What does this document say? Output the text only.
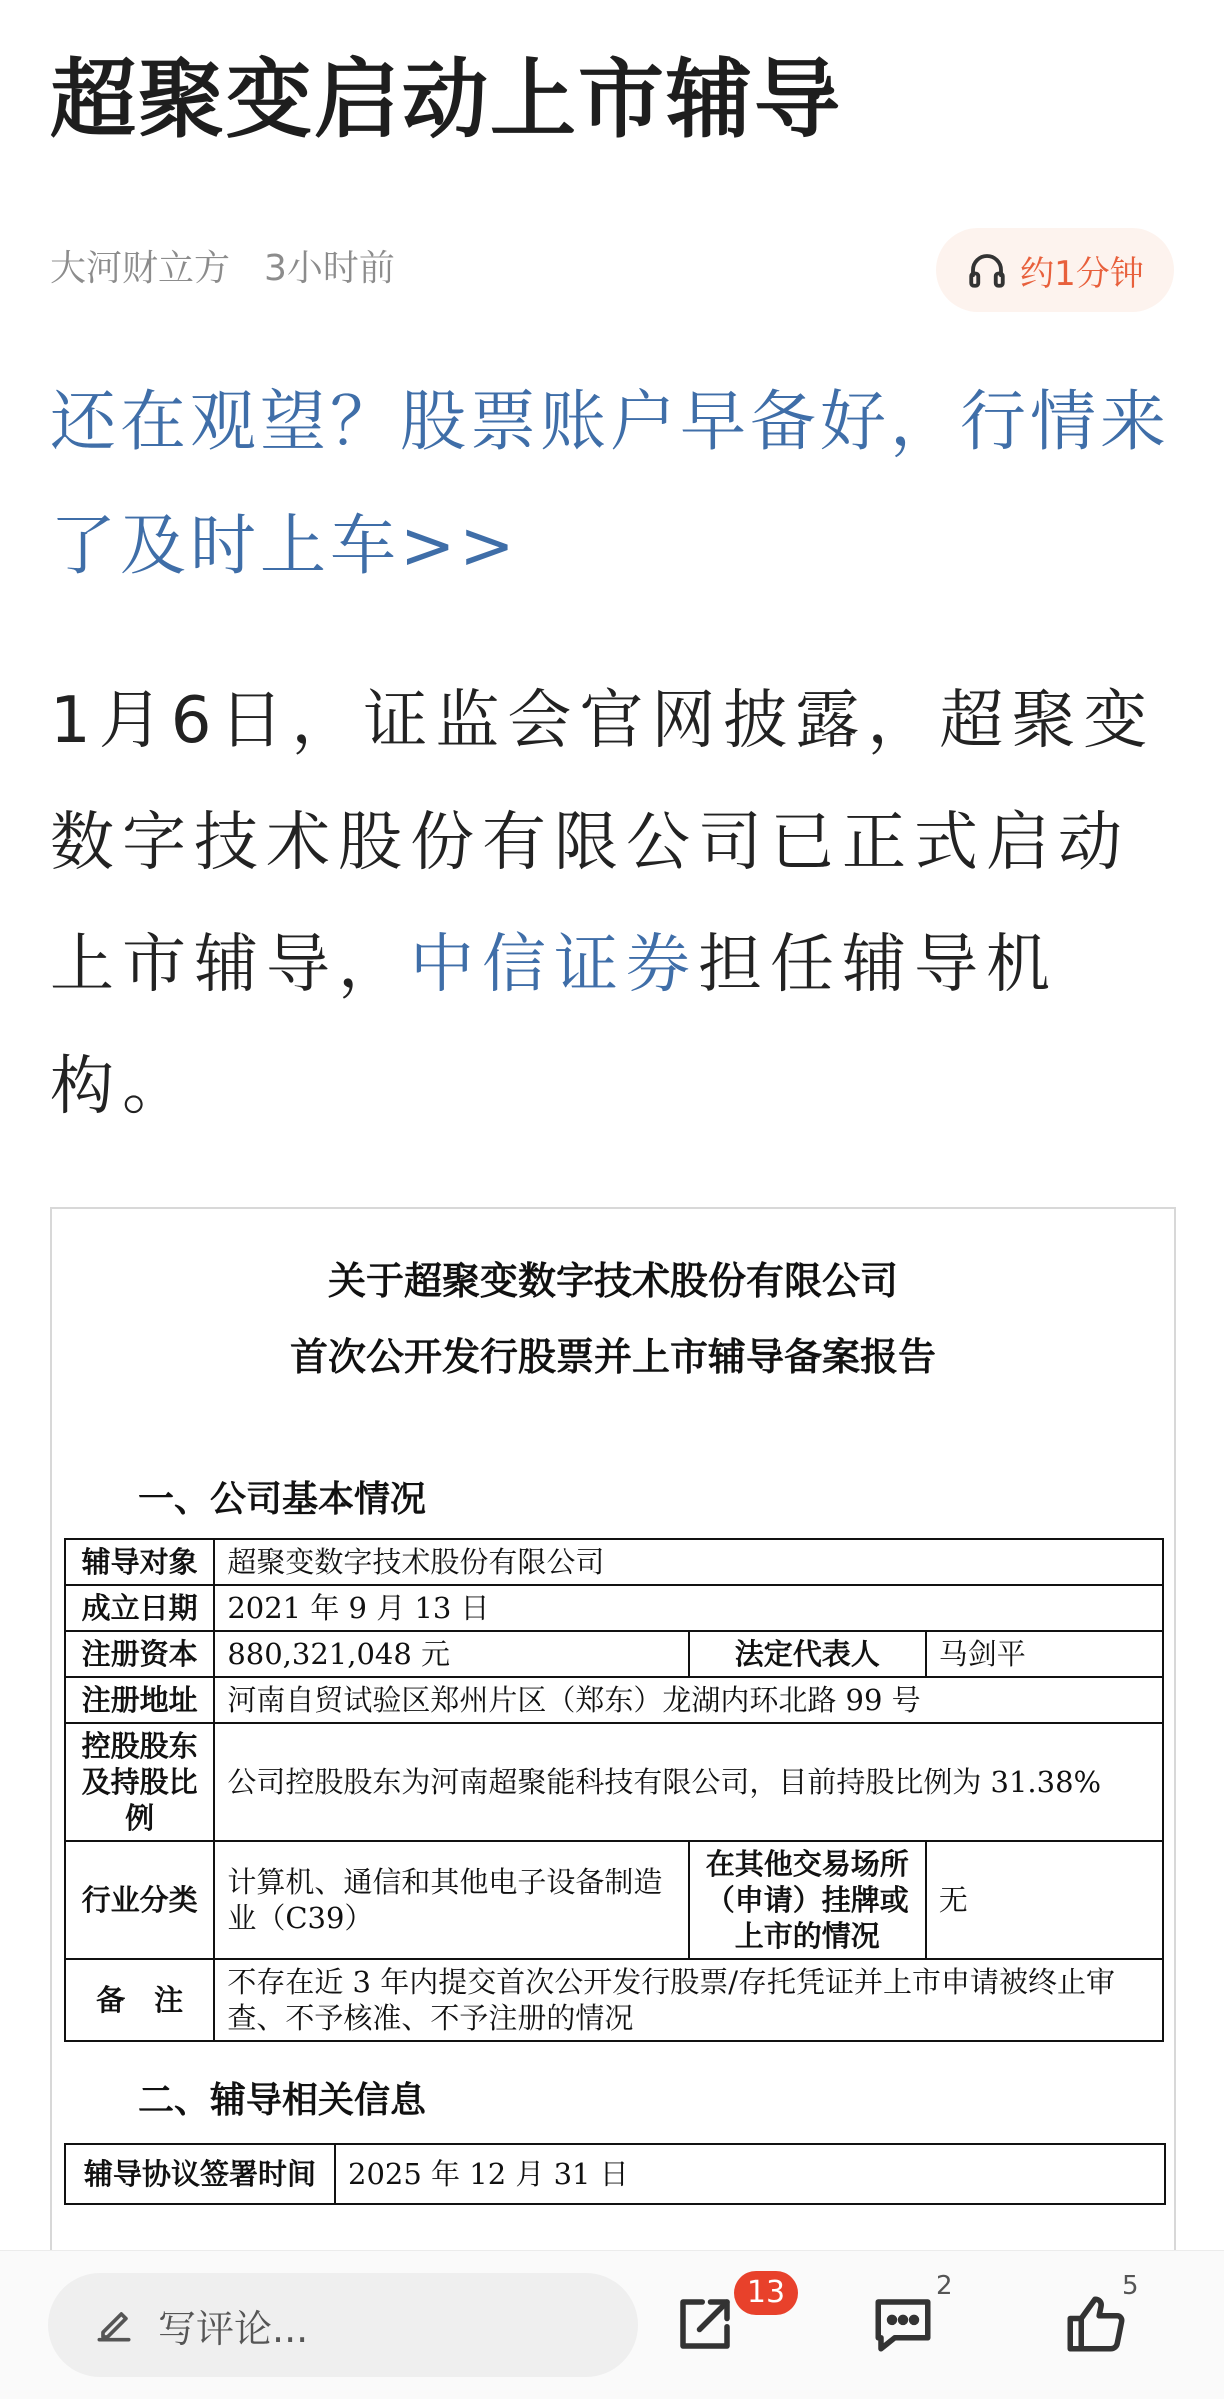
超聚变启动上市辅导
大河财立方 3小时前	约1分钟
还在观望？股票账户早备好，行情来了及时上车>>
1月6日，证监会官网披露，超聚变数字技术股份有限公司已正式启动上市辅导，中信证券担任辅导机构。
关于超聚变数字技术股份有限公司
首次公开发行股票并上市辅导备案报告
一、公司基本情况
辅导对象	超聚变数字技术股份有限公司		
成立日期	2021 年 9 月 13 日		
注册资本	880,321,048 元	法定代表人	马剑平
注册地址	河南自贸试验区郑州片区（郑东）龙湖内环北路 99 号		
控股股东及持股比例	公司控股股东为河南超聚能科技有限公司，目前持股比例为 31.38%		
行业分类	计算机、通信和其他电子设备制造业（C39）	在其他交易场所（申请）挂牌或上市的情况	无
备　注	不存在近 3 年内提交首次公开发行股票/存托凭证并上市申请被终止审查、不予核准、不予注册的情况		
二、辅导相关信息
辅导协议签署时间	2025 年 12 月 31 日
写评论...
13	2	5
